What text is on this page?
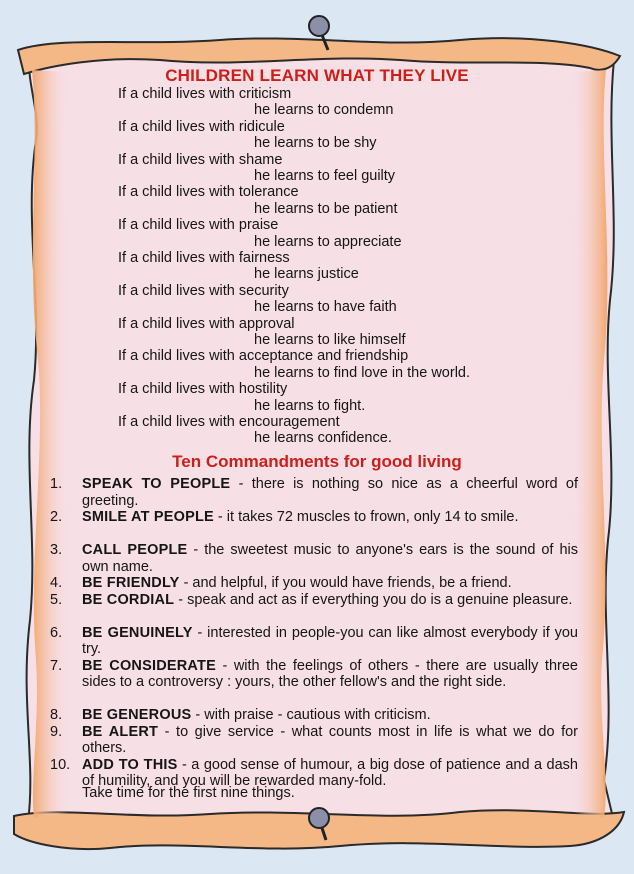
CHILDREN LEARN WHAT THEY LIVE
If a child lives with criticism
he learns to condemn
If a child lives with ridicule
he learns to be shy
If a child lives with shame
he learns to feel guilty
If a child lives with tolerance
he learns to be patient
If a child lives with praise
he learns to appreciate
If a child lives with fairness
he learns justice
If a child lives with security
he learns to have faith
If a child lives with approval
he learns to like himself
If a child lives with acceptance and friendship
he learns to find love in the world.
If a child lives with hostility
he learns to fight.
If a child lives with encouragement
he learns confidence.
Ten Commandments for good living
1. SPEAK TO PEOPLE - there is nothing so nice as a cheerful word of greeting.
2. SMILE AT PEOPLE - it takes 72 muscles to frown, only 14 to smile.
3. CALL PEOPLE - the sweetest music to anyone's ears is the sound of his own name.
4. BE FRIENDLY - and helpful, if you would have friends, be a friend.
5. BE CORDIAL - speak and act as if everything you do is a genuine pleasure.
6. BE GENUINELY - interested in people-you can like almost everybody if you try.
7. BE CONSIDERATE - with the feelings of others - there are usually three sides to a controversy : yours, the other fellow's and the right side.
8. BE GENEROUS - with praise - cautious with criticism.
9. BE ALERT - to give service - what counts most in life is what we do for others.
10. ADD TO THIS - a good sense of humour, a big dose of patience and a dash of humility, and you will be rewarded many-fold.
Take time for the first nine things.
